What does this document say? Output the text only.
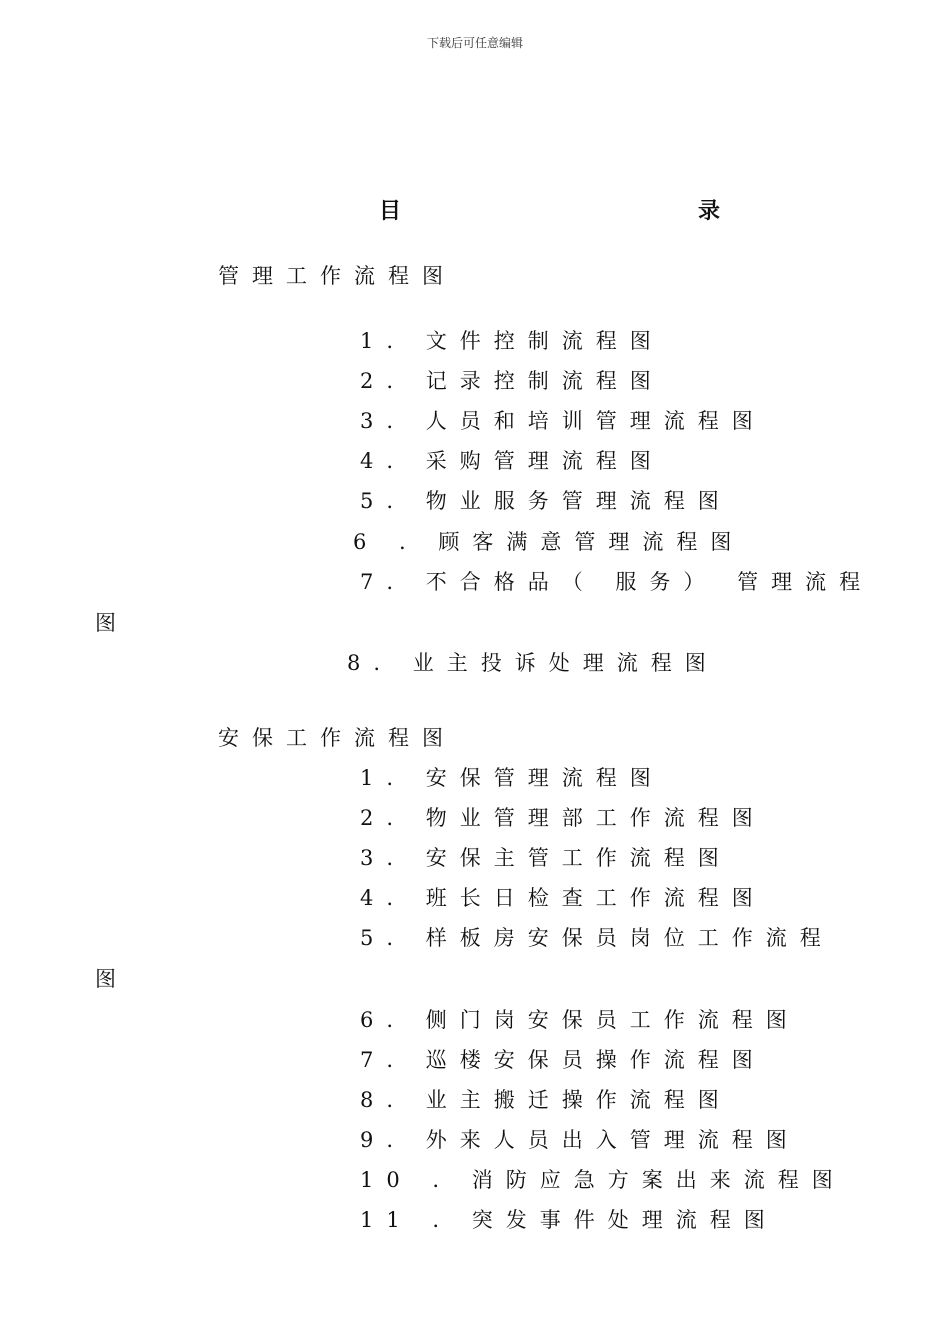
下载后可任意编辑
目	录
管理工作流程图
1. 文件控制流程图
2. 记录控制流程图
3. 人员和培训管理流程图
4. 采购管理流程图
5. 物业服务管理流程图
6 . 顾客满意管理流程图
7. 不合格品（ 服务） 管理流程
图
8. 业主投诉处理流程图
安保工作流程图
1. 安保管理流程图
2. 物业管理部工作流程图
3. 安保主管工作流程图
4. 班长日检查工作流程图
5. 样板房安保员岗位工作流程
图
6. 侧门岗安保员工作流程图
7. 巡楼安保员操作流程图
8. 业主搬迁操作流程图
9. 外来人员出入管理流程图
10 . 消防应急方案出来流程图
11 . 突发事件处理流程图
